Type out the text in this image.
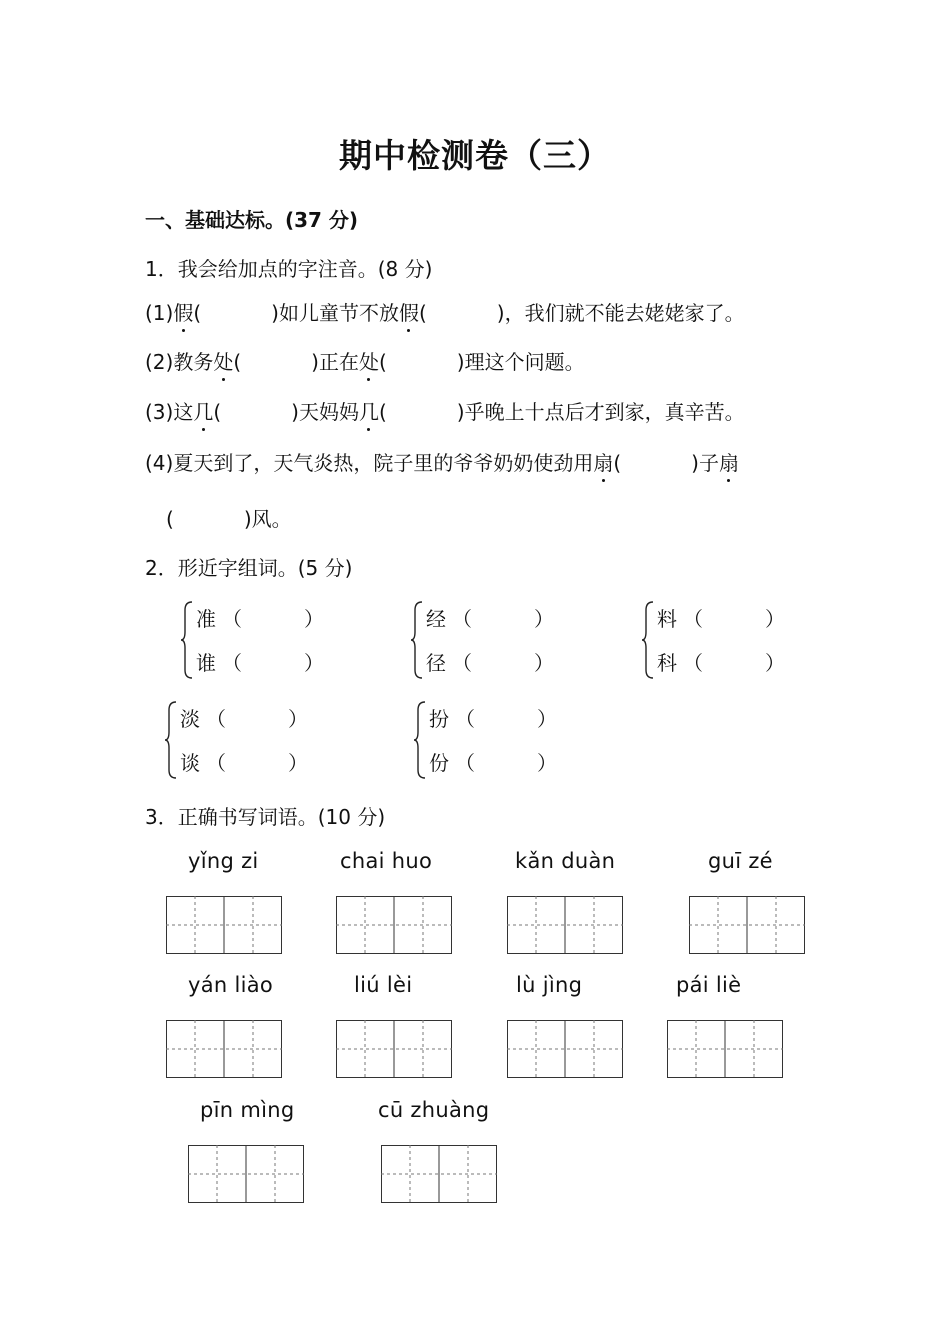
期中检测卷（三）
一、基础达标。(37 分)
1．我会给加点的字注音。(8 分)
(1)假(	)如儿童节不放假(	)，我们就不能去姥姥家了。
(2)教务处(	)正在处(	)理这个问题。
(3)这几(	)天妈妈几(	)乎晚上十点后才到家，真辛苦。
(4)夏天到了，天气炎热，院子里的爷爷奶奶使劲用扇(	)子扇
(	)风。
2．形近字组词。(5 分)
准 （	）
谁 （	）
经 （	）
径 （	）
料 （	）
科 （	）
淡 （	）
谈 （	）
扮 （	）
份 （	）
3．正确书写词语。(10 分)
yǐng zi	chai huo	kǎn duàn	guī zé
yán liào	liú lèi	lù jìng	pái liè
pīn mìng	cū zhuàng
